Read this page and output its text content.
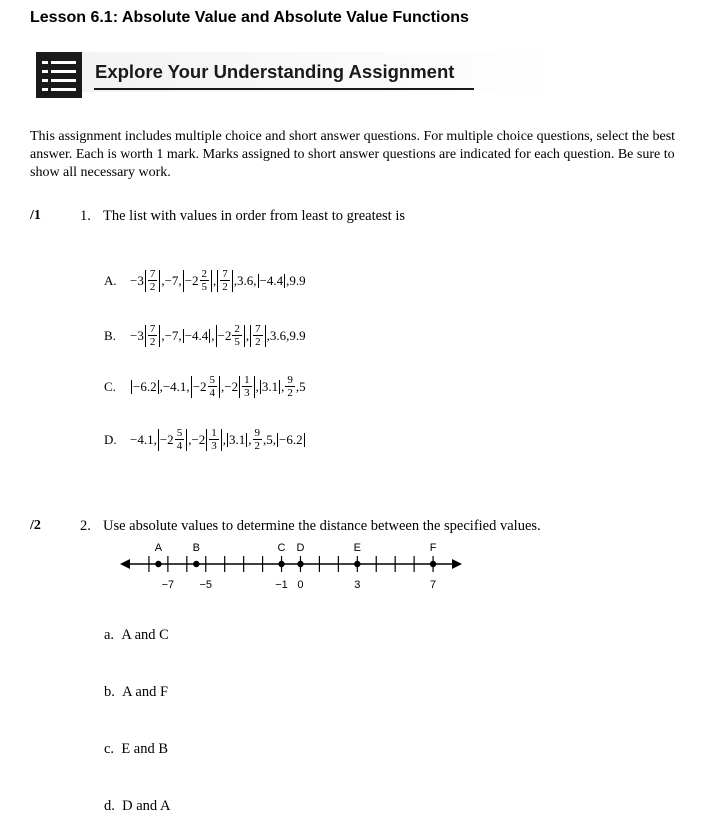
Lesson 6.1: Absolute Value and Absolute Value Functions
Explore Your Understanding Assignment
This assignment includes multiple choice and short answer questions. For multiple choice questions, select the best answer. Each is worth 1 mark. Marks assigned to short answer questions are indicated for each question. Be sure to show all necessary work.
/1	1. The list with values in order from least to greatest is
A.	$-3 \frac{7}{2} ,-7$, $-2 \frac{2}{5}$ , $\frac{7}{2} ,3.6$, −4.4 ,9.9
B.	$-3 \frac{7}{2} ,-7$, −4.4 , $-2 \frac{2}{5}$ , $\frac{7}{2} ,3.6,9.9$
C.	−6.2 ,−4.1, $-2 \frac{5}{4} ,-2 \frac{1}{3}$ , 3.1 , $\frac{9}{2} ,5$
D.	−4.1, $-2 \frac{5}{4} ,-2 \frac{1}{3}$ , 3.1 , $\frac{9}{2} ,5$, −6.2
/2	2. Use absolute values to determine the distance between the specified values.
−7 −5	−1 0	3	7
A	B	C D	E	F
a. A and C
b. A and F
c. E and B
d. D and A
